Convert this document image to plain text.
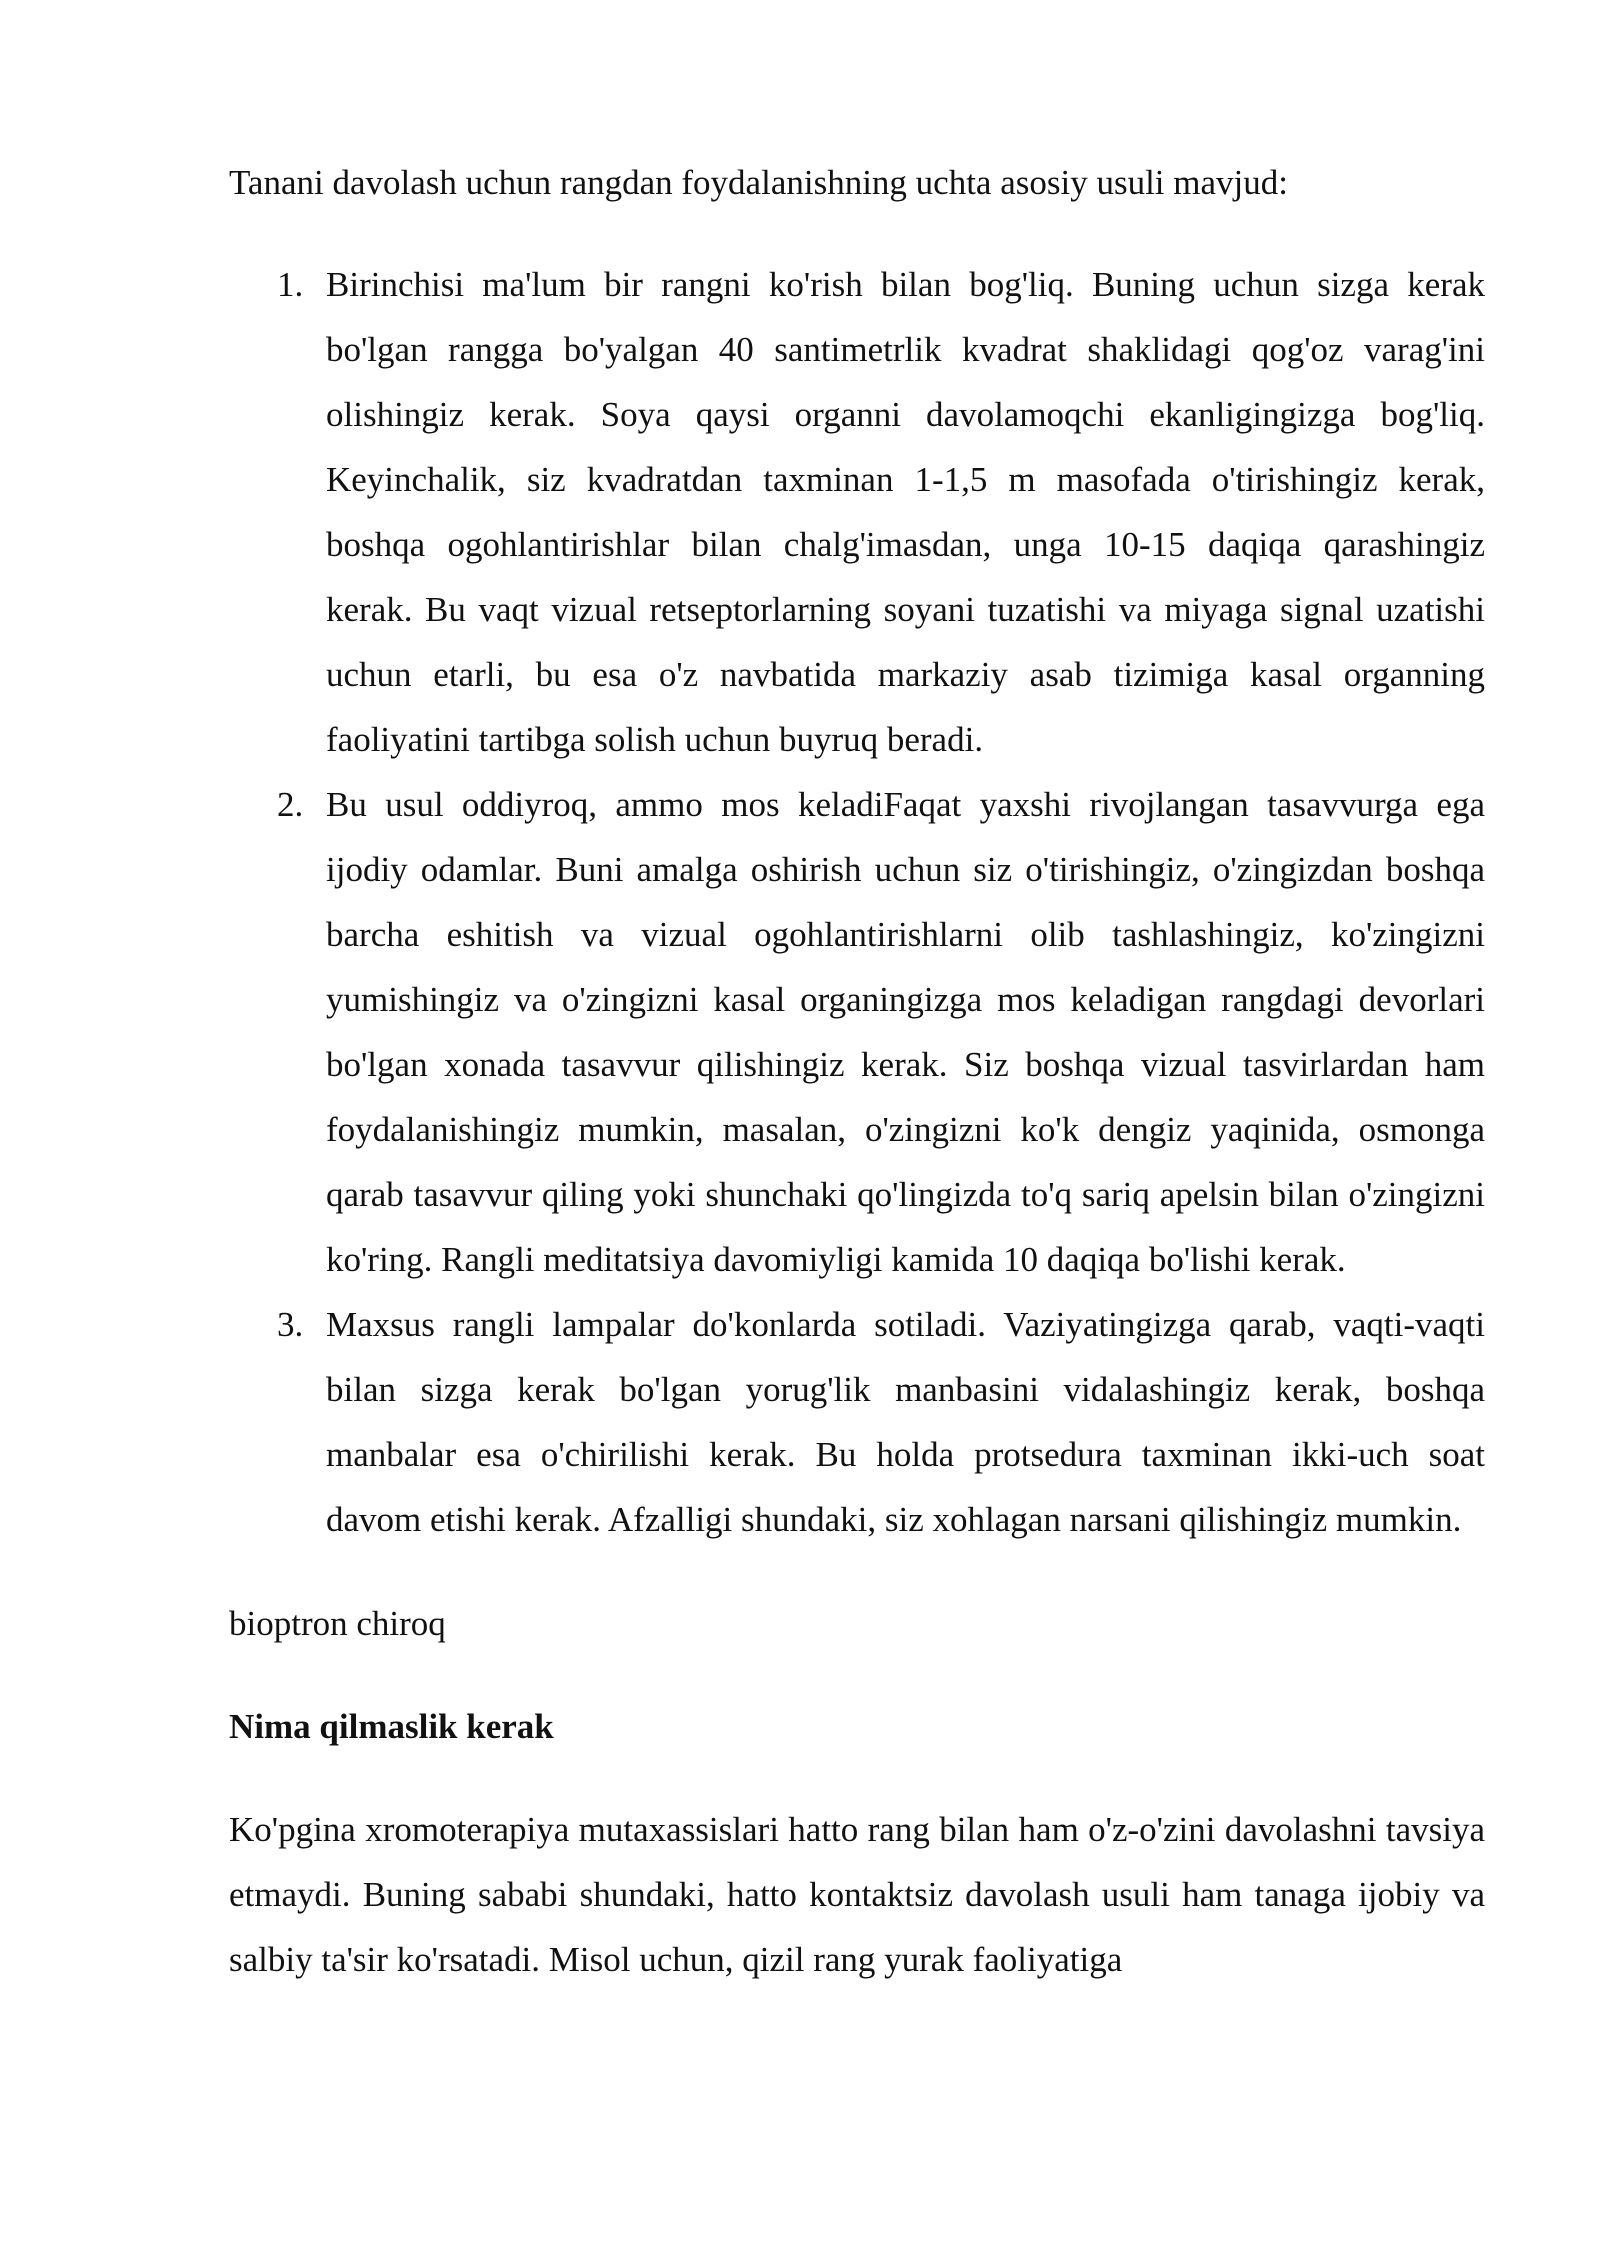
Tanani davolash uchun rangdan foydalanishning uchta asosiy usuli mavjud:

1. Birinchisi ma'lum bir rangni ko'rish bilan bog'liq. Buning uchun sizga kerak bo'lgan rangga bo'yalgan 40 santimetrlik kvadrat shaklidagi qog'oz varag'ini olishingiz kerak. Soya qaysi organni davolamoqchi ekanligingizga bog'liq. Keyinchalik, siz kvadratdan taxminan 1-1,5 m masofada o'tirishingiz kerak, boshqa ogohlantirishlar bilan chalg'imasdan, unga 10-15 daqiqa qarashingiz kerak. Bu vaqt vizual retseptorlarning soyani tuzatishi va miyaga signal uzatishi uchun etarli, bu esa o'z navbatida markaziy asab tizimiga kasal organning faoliyatini tartibga solish uchun buyruq beradi.
2. Bu usul oddiyroq, ammo mos keladiFaqat yaxshi rivojlangan tasavvurga ega ijodiy odamlar. Buni amalga oshirish uchun siz o'tirishingiz, o'zingizdan boshqa barcha eshitish va vizual ogohlantirishlarni olib tashlashingiz, ko'zingizni yumishingiz va o'zingizni kasal organingizga mos keladigan rangdagi devorlari bo'lgan xonada tasavvur qilishingiz kerak. Siz boshqa vizual tasvirlardan ham foydalanishingiz mumkin, masalan, o'zingizni ko'k dengiz yaqinida, osmonga qarab tasavvur qiling yoki shunchaki qo'lingizda to'q sariq apelsin bilan o'zingizni ko'ring. Rangli meditatsiya davomiyligi kamida 10 daqiqa bo'lishi kerak.
3. Maxsus rangli lampalar do'konlarda sotiladi. Vaziyatingizga qarab, vaqti-vaqti bilan sizga kerak bo'lgan yorug'lik manbasini vidalashingiz kerak, boshqa manbalar esa o'chirilishi kerak. Bu holda protsedura taxminan ikki-uch soat davom etishi kerak. Afzalligi shundaki, siz xohlagan narsani qilishingiz mumkin.

bioptron chiroq

Nima qilmaslik kerak

Ko'pgina xromoterapiya mutaxassislari hatto rang bilan ham o'z-o'zini davolashni tavsiya etmaydi. Buning sababi shundaki, hatto kontaktsiz davolash usuli ham tanaga ijobiy va salbiy ta'sir ko'rsatadi. Misol uchun, qizil rang yurak faoliyatiga
